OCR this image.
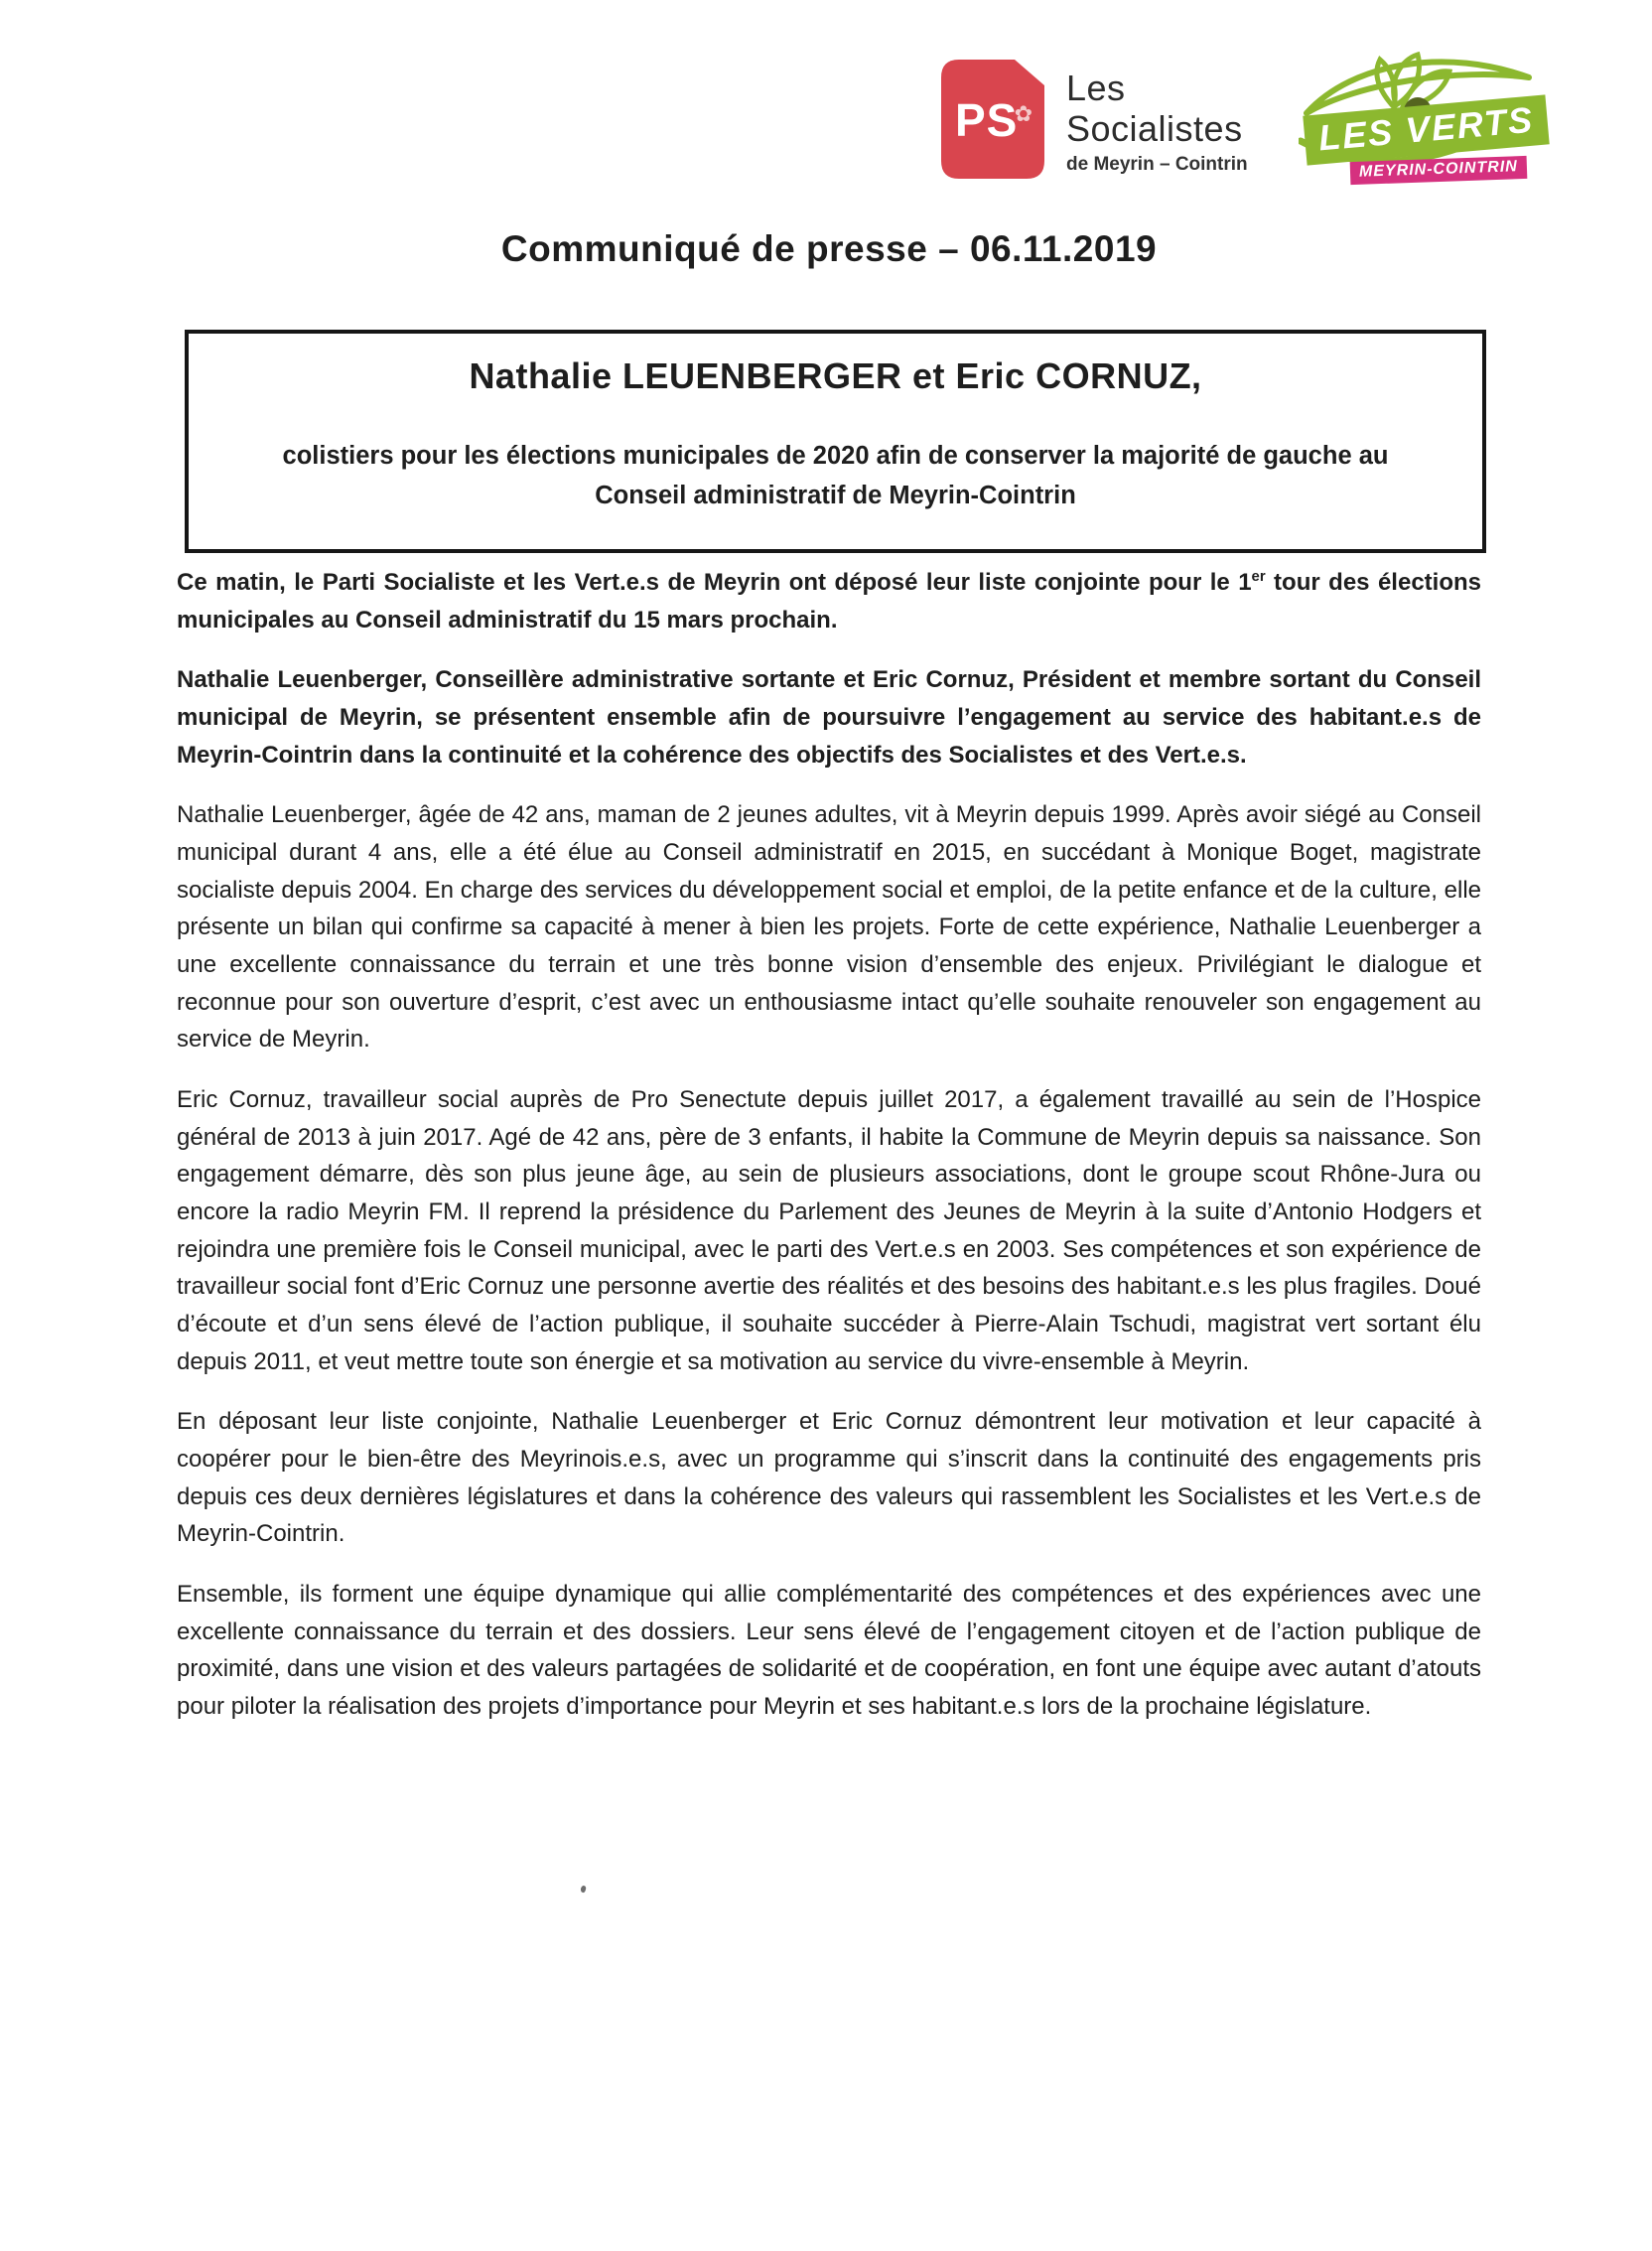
PS
✿
Les
Socialistes
de Meyrin – Cointrin
LES VERTS
MEYRIN-COINTRIN
Communiqué de presse – 06.11.2019
Nathalie LEUENBERGER et Eric CORNUZ,
colistiers pour les élections municipales de 2020 afin de conserver la majorité de gauche au Conseil administratif de Meyrin-Cointrin

Ce matin, le Parti Socialiste et les Vert.e.s de Meyrin ont déposé leur liste conjointe pour le 1er tour des élections municipales au Conseil administratif du 15 mars prochain.

Nathalie Leuenberger, Conseillère administrative sortante et Eric Cornuz, Président et membre sortant du Conseil municipal de Meyrin, se présentent ensemble afin de poursuivre l’engagement au service des habitant.e.s de Meyrin-Cointrin dans la continuité et la cohérence des objectifs des Socialistes et des Vert.e.s.

Nathalie Leuenberger, âgée de 42 ans, maman de 2 jeunes adultes, vit à Meyrin depuis 1999. Après avoir siégé au Conseil municipal durant 4 ans, elle a été élue au Conseil administratif en 2015, en succédant à Monique Boget, magistrate socialiste depuis 2004. En charge des services du développement social et emploi, de la petite enfance et de la culture, elle présente un bilan qui confirme sa capacité à mener à bien les projets. Forte de cette expérience, Nathalie Leuenberger a une excellente connaissance du terrain et une très bonne vision d’ensemble des enjeux. Privilégiant le dialogue et reconnue pour son ouverture d’esprit, c’est avec un enthousiasme intact qu’elle souhaite renouveler son engagement au service de Meyrin.

Eric Cornuz, travailleur social auprès de Pro Senectute depuis juillet 2017, a également travaillé au sein de l’Hospice général de 2013 à juin 2017. Agé de 42 ans, père de 3 enfants, il habite la Commune de Meyrin depuis sa naissance. Son engagement démarre, dès son plus jeune âge, au sein de plusieurs associations, dont le groupe scout Rhône-Jura ou encore la radio Meyrin FM. Il reprend la présidence du Parlement des Jeunes de Meyrin à la suite d’Antonio Hodgers et rejoindra une première fois le Conseil municipal, avec le parti des Vert.e.s en 2003. Ses compétences et son expérience de travailleur social font d’Eric Cornuz une personne avertie des réalités et des besoins des habitant.e.s les plus fragiles. Doué d’écoute et d’un sens élevé de l’action publique, il souhaite succéder à Pierre-Alain Tschudi, magistrat vert sortant élu depuis 2011, et veut mettre toute son énergie et sa motivation au service du vivre-ensemble à Meyrin.

En déposant leur liste conjointe, Nathalie Leuenberger et Eric Cornuz démontrent leur motivation et leur capacité à coopérer pour le bien-être des Meyrinois.e.s, avec un programme qui s’inscrit dans la continuité des engagements pris depuis ces deux dernières législatures et dans la cohérence des valeurs qui rassemblent les Socialistes et les Vert.e.s de Meyrin-Cointrin.

Ensemble, ils forment une équipe dynamique qui allie complémentarité des compétences et des expériences avec une excellente connaissance du terrain et des dossiers. Leur sens élevé de l’engagement citoyen et de l’action publique de proximité, dans une vision et des valeurs partagées de solidarité et de coopération, en font une équipe avec autant d’atouts pour piloter la réalisation des projets d’importance pour Meyrin et ses habitant.e.s lors de la prochaine législature.
